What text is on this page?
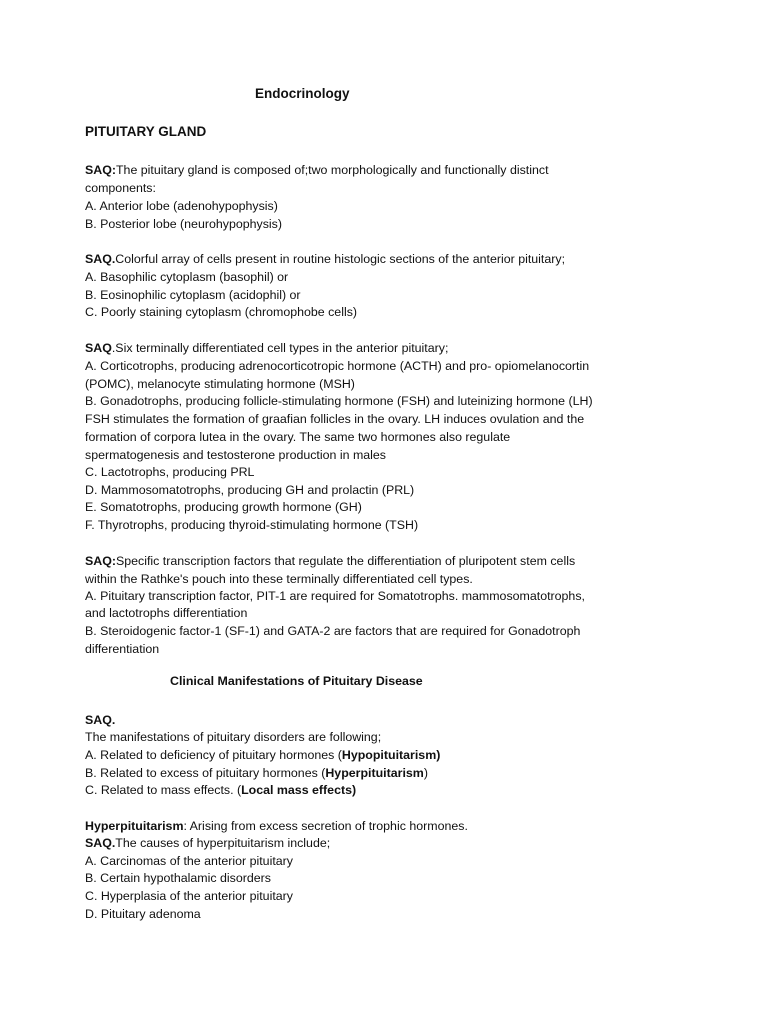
Endocrinology
PITUITARY GLAND
SAQ:The pituitary gland is composed of;two morphologically and functionally distinct
components:
A. Anterior lobe (adenohypophysis)
B. Posterior lobe (neurohypophysis)
SAQ.Colorful array of cells present in routine histologic sections of the anterior pituitary;
A. Basophilic cytoplasm (basophil) or
B. Eosinophilic cytoplasm (acidophil) or
C. Poorly staining cytoplasm (chromophobe cells)
SAQ.Six terminally differentiated cell types in the anterior pituitary;
A. Corticotrophs, producing adrenocorticotropic hormone (ACTH) and pro- opiomelanocortin
(POMC), melanocyte stimulating hormone (MSH)
B. Gonadotrophs, producing follicle-stimulating hormone (FSH) and luteinizing hormone (LH)
FSH stimulates the formation of graafian follicles in the ovary. LH induces ovulation and the
formation of corpora lutea in the ovary. The same two hormones also regulate
spermatogenesis and testosterone production in males
C. Lactotrophs, producing PRL
D. Mammosomatotrophs, producing GH and prolactin (PRL)
E. Somatotrophs, producing growth hormone (GH)
F. Thyrotrophs, producing thyroid-stimulating hormone (TSH)
SAQ:Specific transcription factors that regulate the differentiation of pluripotent stem cells
within the Rathke's pouch into these terminally differentiated cell types.
A. Pituitary transcription factor, PIT-1 are required for Somatotrophs. mammosomatotrophs,
and lactotrophs differentiation
B. Steroidogenic factor-1 (SF-1) and GATA-2 are factors that are required for Gonadotroph
differentiation
Clinical Manifestations of Pituitary Disease
SAQ.
The manifestations of pituitary disorders are following;
A. Related to deficiency of pituitary hormones (Hypopituitarism)
B. Related to excess of pituitary hormones (Hyperpituitarism)
C. Related to mass effects. (Local mass effects)
Hyperpituitarism: Arising from excess secretion of trophic hormones.
SAQ.The causes of hyperpituitarism include;
A. Carcinomas of the anterior pituitary
B. Certain hypothalamic disorders
C. Hyperplasia of the anterior pituitary
D. Pituitary adenoma
